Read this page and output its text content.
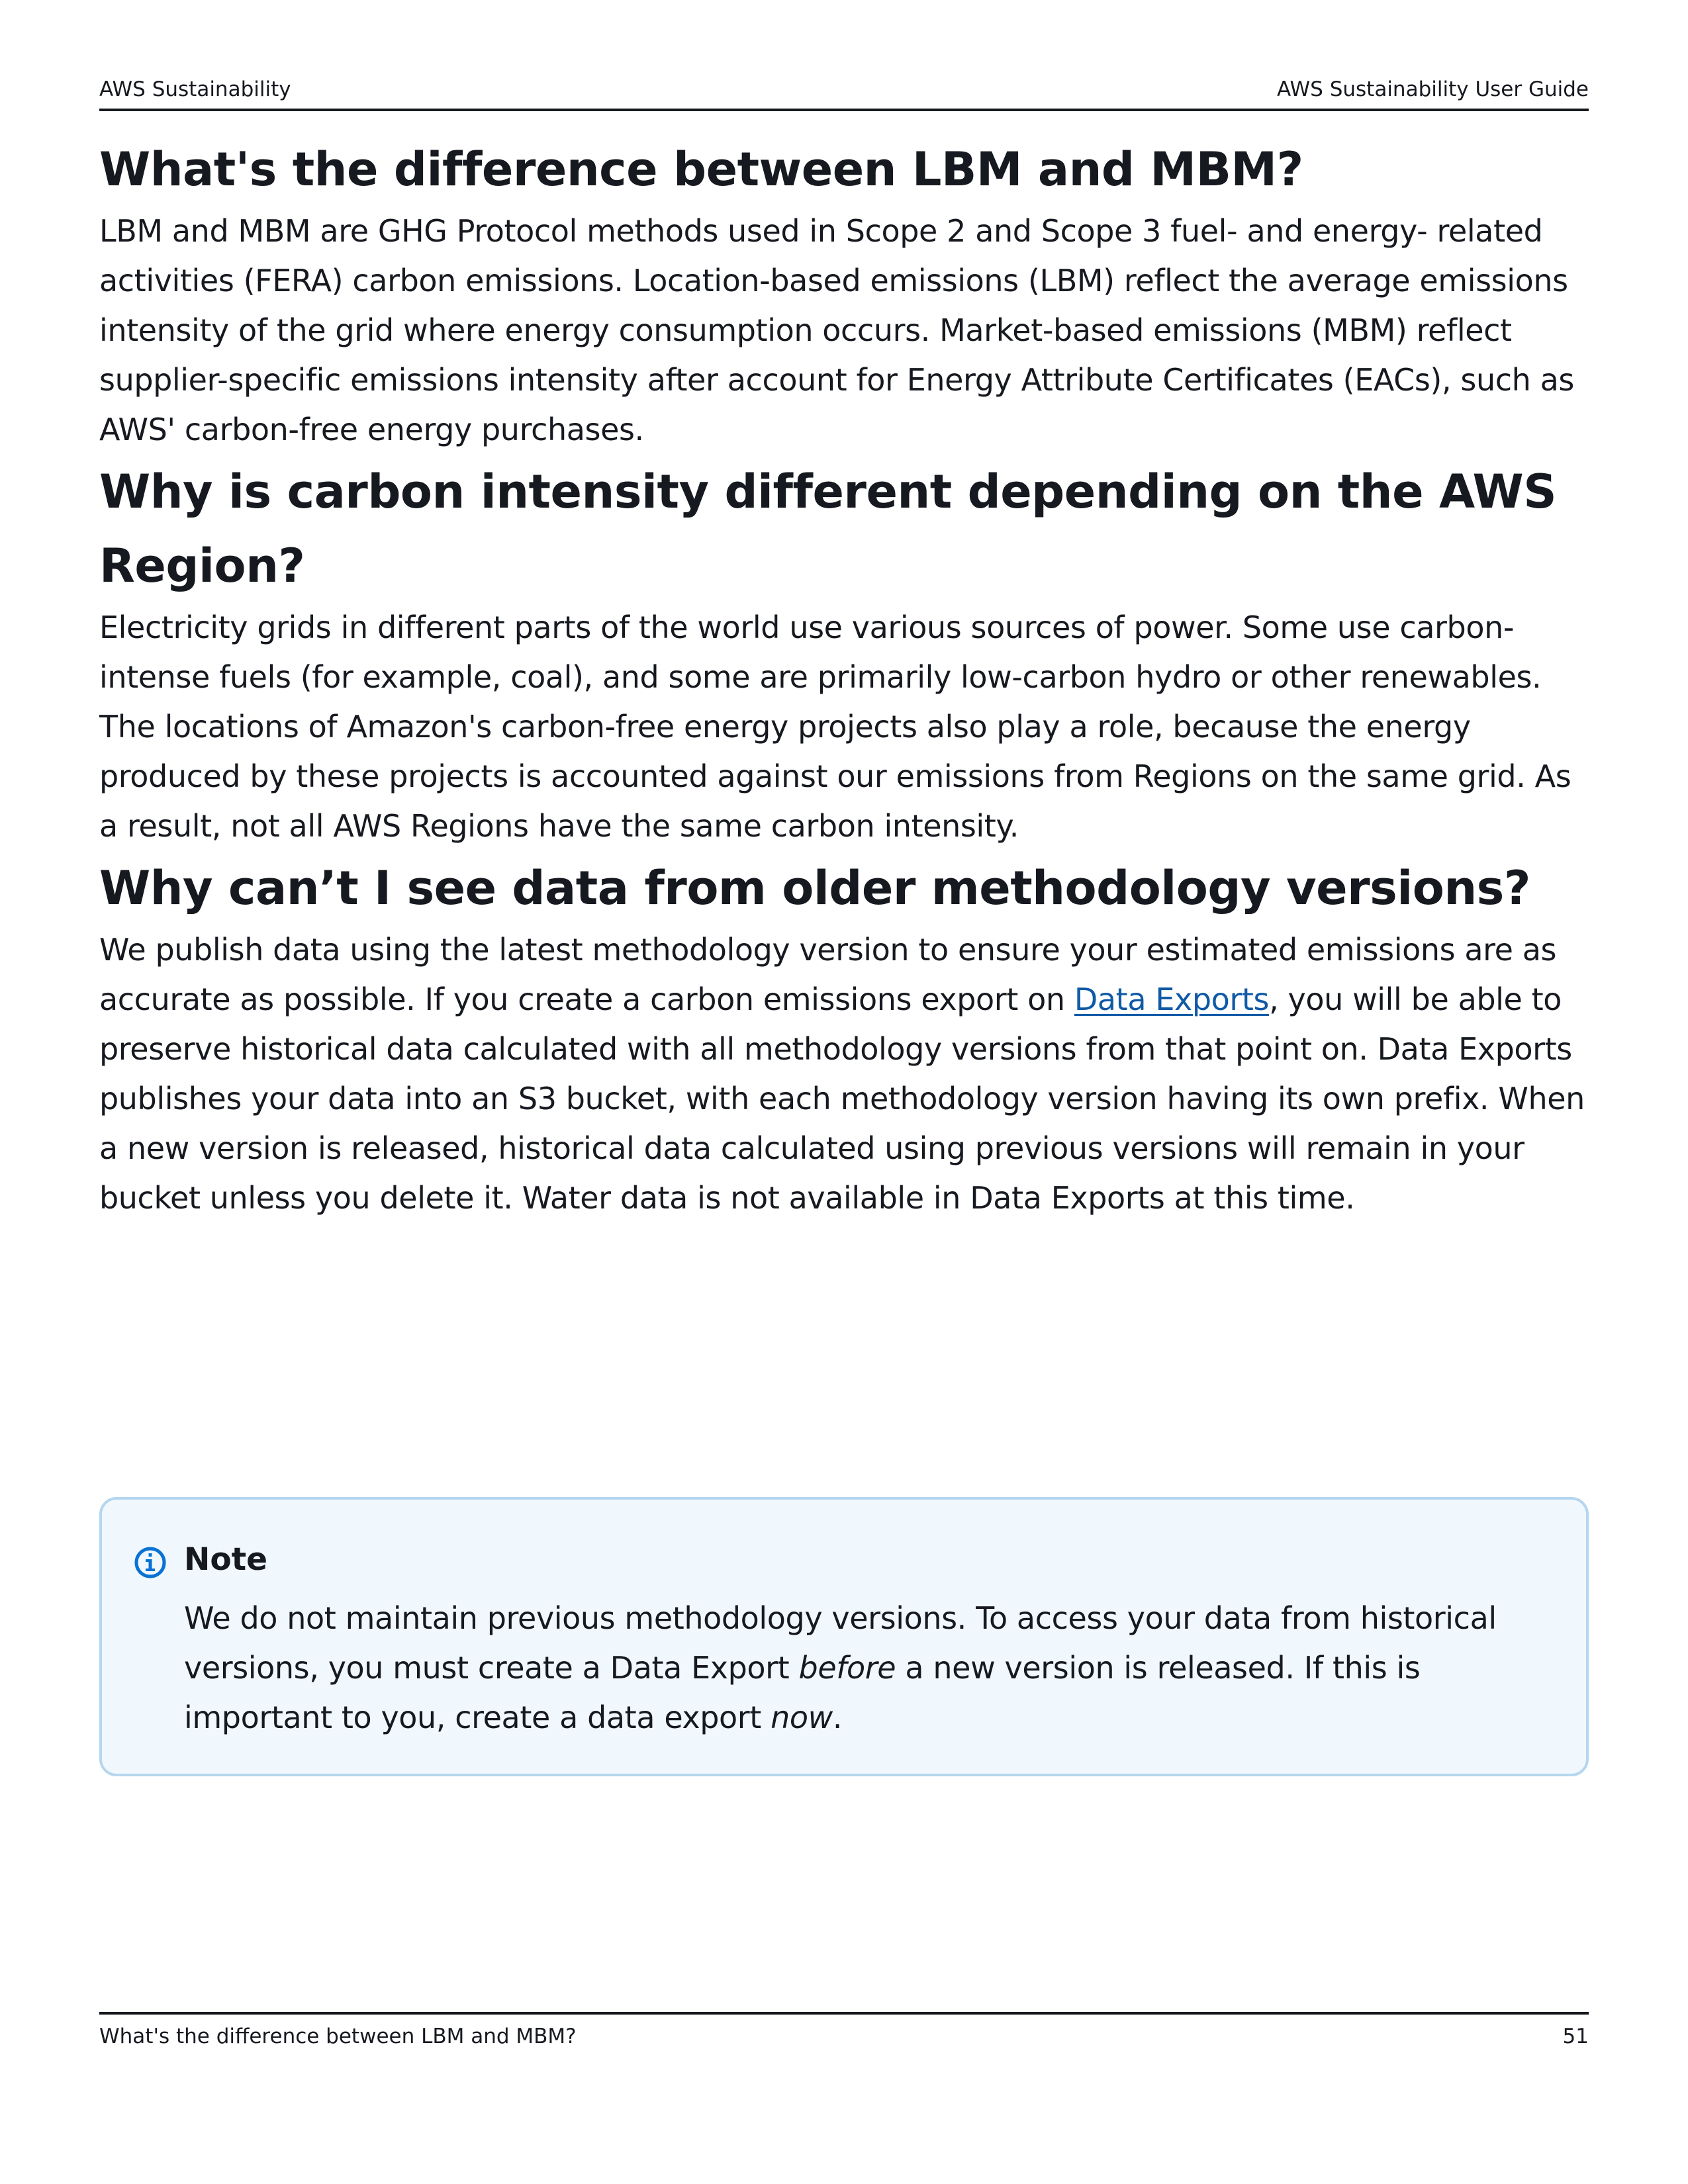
AWS Sustainability	AWS Sustainability User Guide
What's the difference between LBM and MBM?

LBM and MBM are GHG Protocol methods used in Scope 2 and Scope 3 fuel- and energy- related activities (FERA) carbon emissions. Location-based emissions (LBM) reflect the average emissions intensity of the grid where energy consumption occurs. Market-based emissions (MBM) reflect supplier-specific emissions intensity after account for Energy Attribute Certificates (EACs), such as AWS' carbon-free energy purchases.

Why is carbon intensity different depending on the AWS Region?

Electricity grids in different parts of the world use various sources of power. Some use carbon-intense fuels (for example, coal), and some are primarily low-carbon hydro or other renewables. The locations of Amazon's carbon-free energy projects also play a role, because the energy produced by these projects is accounted against our emissions from Regions on the same grid. As a result, not all AWS Regions have the same carbon intensity.

Why can’t I see data from older methodology versions?

We publish data using the latest methodology version to ensure your estimated emissions are as accurate as possible. If you create a carbon emissions export on Data Exports, you will be able to preserve historical data calculated with all methodology versions from that point on. Data Exports publishes your data into an S3 bucket, with each methodology version having its own prefix. When a new version is released, historical data calculated using previous versions will remain in your bucket unless you delete it. Water data is not available in Data Exports at this time.

Note

We do not maintain previous methodology versions. To access your data from historical versions, you must create a Data Export before a new version is released. If this is important to you, create a data export now.

What's the difference between LBM and MBM?	51
